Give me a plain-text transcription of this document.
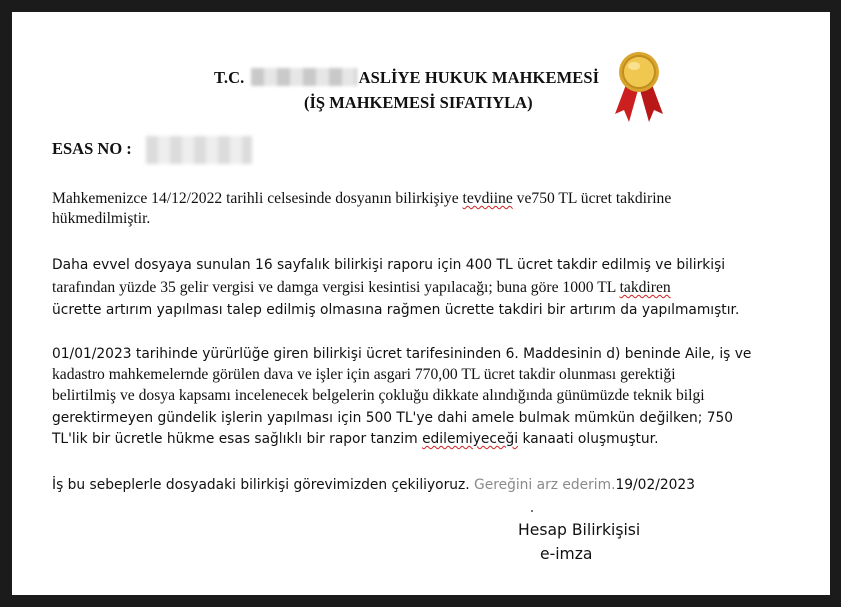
T.C.	ASLİYE HUKUK MAHKEMESİ
(İŞ MAHKEMESİ SIFATIYLA)
ESAS NO :
Mahkemenizce 14/12/2022 tarihli celsesinde dosyanın bilirkişiye tevdiine ve750 TL ücret takdirine
hükmedilmiştir.
Daha evvel dosyaya sunulan 16 sayfalık bilirkişi raporu için 400 TL ücret takdir edilmiş ve bilirkişi
tarafından yüzde 35 gelir vergisi ve damga vergisi kesintisi yapılacağı; buna göre 1000 TL takdiren
ücrette artırım yapılması talep edilmiş olmasına rağmen ücrette takdiri bir artırım da yapılmamıştır.
01/01/2023 tarihinde yürürlüğe giren bilirkişi ücret tarifesininden 6. Maddesinin d) beninde Aile, iş ve
kadastro mahkemelernde görülen dava ve işler için asgari 770,00 TL ücret takdir olunması gerektiği
belirtilmiş ve dosya kapsamı incelenecek belgelerin çokluğu dikkate alındığında günümüzde teknik bilgi
gerektirmeyen gündelik işlerin yapılması için 500 TL'ye dahi amele bulmak mümkün değilken; 750
TL'lik bir ücretle hükme esas sağlıklı bir rapor tanzim edilemiyeceği kanaati oluşmuştur.
İş bu sebeplerle dosyadaki bilirkişi görevimizden çekiliyoruz. Gereğini arz ederim.19/02/2023
Hesap Bilirkişisi
e-imza
